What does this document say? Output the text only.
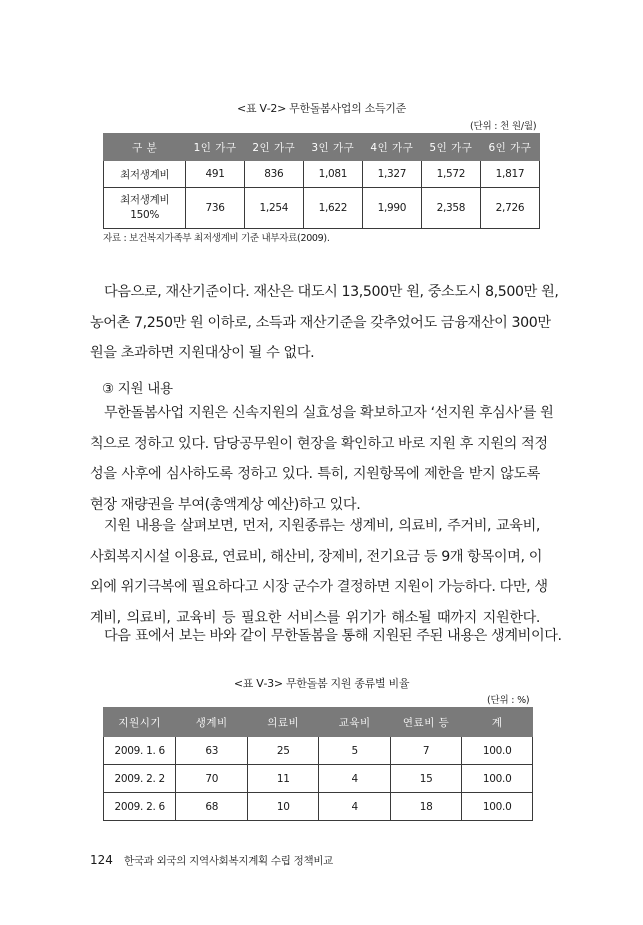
<표 Ⅴ-2> 무한돌봄사업의 소득기준
(단위 : 천 원/월)
구 분	1인 가구	2인 가구	3인 가구	4인 가구	5인 가구	6인 가구
최저생계비	491	836	1,081	1,327	1,572	1,817
최저생계비
150%	736	1,254	1,622	1,990	2,358	2,726
자료 : 보건복지가족부 최저생계비 기준 내부자료(2009).
다음으로, 재산기준이다. 재산은 대도시 13,500만 원, 중소도시 8,500만 원,
농어촌 7,250만 원 이하로, 소득과 재산기준을 갖추었어도 금융재산이 300만
원을 초과하면 지원대상이 될 수 없다.
③ 지원 내용
무한돌봄사업 지원은 신속지원의 실효성을 확보하고자 ‘선지원 후심사’를 원
칙으로 정하고 있다. 담당공무원이 현장을 확인하고 바로 지원 후 지원의 적정
성을 사후에 심사하도록 정하고 있다. 특히, 지원항목에 제한을 받지 않도록
현장 재량권을 부여(총액계상 예산)하고 있다.
지원 내용을 살펴보면, 먼저, 지원종류는 생계비, 의료비, 주거비, 교육비,
사회복지시설 이용료, 연료비, 해산비, 장제비, 전기요금 등 9개 항목이며, 이
외에 위기극복에 필요하다고 시장 군수가 결정하면 지원이 가능하다. 다만, 생
계비, 의료비, 교육비 등 필요한 서비스를 위기가 해소될 때까지 지원한다.
다음 표에서 보는 바와 같이 무한돌봄을 통해 지원된 주된 내용은 생계비이다.
<표 Ⅴ-3> 무한돌봄 지원 종류별 비율
(단위 : %)
지원시기	생계비	의료비	교육비	연료비 등	계
2009. 1. 6	63	25	5	7	100.0
2009. 2. 2	70	11	4	15	100.0
2009. 2. 6	68	10	4	18	100.0
124 한국과 외국의 지역사회복지계획 수립 정책비교
